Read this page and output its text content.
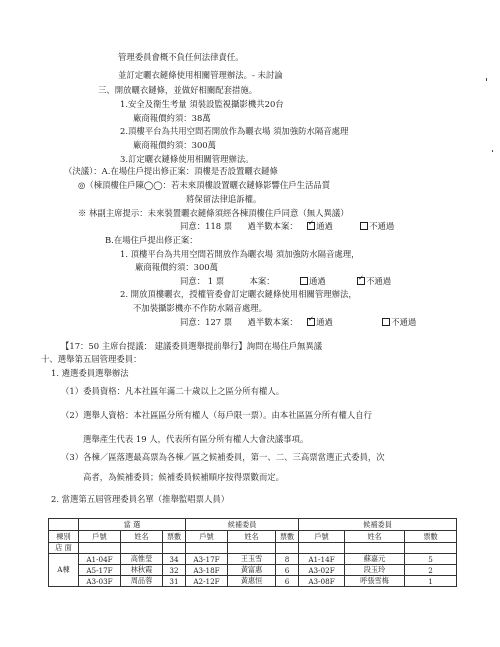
管理委員會概不負任何法律責任。
並訂定曬衣鏈條使用相關管理辦法。- 未討論
三、開放曬衣鏈條，並做好相關配套措施。
1.安全及衛生考量 須裝設監視攝影機共20台
廠商報價約須：38萬
2.頂樓平台為共用空間若開放作為曬衣場 須加強防水隔音處理
廠商報價約須：300萬
3.訂定曬衣鏈條使用相關管理辦法。
（決議）：A.在場住戶提出修正案：頂樓是否設置曬衣鏈條
◎（棟頂樓住戶陳◯◯：若未來頂樓設置曬衣鏈條影響住戶生活品質
將保留法律追訴權。
※ 林副主席提示：未來裝置曬衣鏈條須經各棟頂樓住戶同意（無人異議）
同意：118 票 過半數本案： ✓ 通過	不通過
B.在場住戶提出修正案：
1. 頂樓平台為共用空間若開放作為曬衣場 須加強防水隔音處理，
廠商報價約須：300萬
同意： 1 票	本案：	通過 ✓	不通過
2. 開放頂樓曬衣，授權管委會訂定曬衣鏈條使用相關管理辦法，
不加裝攝影機亦不作防水隔音處理。
同意：127 票 過半數本案： ✓ 通過	不通過
【17：50 主席台提議： 建議委員選舉提前舉行】詢問在場住戶無異議
十、選舉第五屆管理委員：
1. 遴選委員選舉辦法
（1）委員資格：凡本社區年滿二十歲以上之區分所有權人。
（2）選舉人資格：本社區區分所有權人（每戶限一票）。由本社區區分所有權人自行
選舉產生代表 19 人，代表所有區分所有權人大會決議事項。
（3）各棟／區落選最高票為各棟／區之候補委員，第一、二、三高票當選正式委員，次
高者，為候補委員；候補委員候補順序按得票數而定。
2. 當選第五屆管理委員名單（推舉監唱票人員）
	當 選			候補委員			候補委員		
棟別	戶號	姓名	票數	戶號	姓名	票數	戶號	姓名	票數
店 面									
A棟	A1-04F	高惟瑩	34	A3-17F	王玉雪	8	A1-14F	蘇嘉元	5
	A5-17F	林秋霞	32	A3-18F	黃富惠	6	A3-02F	段玉玲	2
	A3-03F	周品蓉	31	A2-12F	黃惠恒	6	A3-08F	呼張雪梅	1
